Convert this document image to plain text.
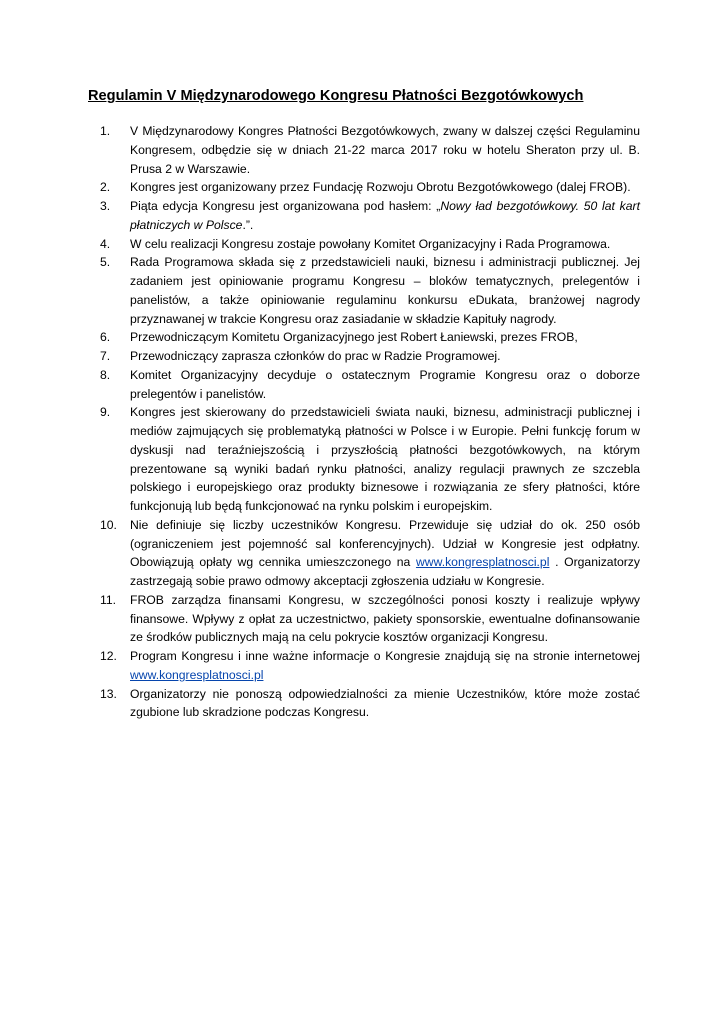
Regulamin V Międzynarodowego Kongresu Płatności Bezgotówkowych
1.	V Międzynarodowy Kongres Płatności Bezgotówkowych, zwany w dalszej części Regulaminu Kongresem, odbędzie się w dniach 21-22 marca 2017 roku w hotelu Sheraton przy ul. B. Prusa 2 w Warszawie.
2.	Kongres jest organizowany przez Fundację Rozwoju Obrotu Bezgotówkowego (dalej FROB).
3.	Piąta edycja Kongresu jest organizowana pod hasłem: „Nowy ład bezgotówkowy. 50 lat kart płatniczych w Polsce.”.
4.	W celu realizacji Kongresu zostaje powołany Komitet Organizacyjny i Rada Programowa.
5.	Rada Programowa składa się z przedstawicieli nauki, biznesu i administracji publicznej. Jej zadaniem jest opiniowanie programu Kongresu – bloków tematycznych, prelegentów i panelistów, a także opiniowanie regulaminu konkursu eDukata, branżowej nagrody przyznawanej w trakcie Kongresu oraz zasiadanie w składzie Kapituły nagrody.
6.	Przewodniczącym Komitetu Organizacyjnego jest Robert Łaniewski, prezes FROB,
7.	Przewodniczący zaprasza członków do prac w Radzie Programowej.
8.	Komitet Organizacyjny decyduje o ostatecznym Programie Kongresu oraz o doborze prelegentów i panelistów.
9.	Kongres jest skierowany do przedstawicieli świata nauki, biznesu, administracji publicznej i mediów zajmujących się problematyką płatności w Polsce i w Europie. Pełni funkcję forum w dyskusji nad teraźniejszością i przyszłością płatności bezgotówkowych, na którym prezentowane są wyniki badań rynku płatności, analizy regulacji prawnych ze szczebla polskiego i europejskiego oraz produkty biznesowe i rozwiązania ze sfery płatności, które funkcjonują lub będą funkcjonować na rynku polskim i europejskim.
10.	Nie definiuje się liczby uczestników Kongresu. Przewiduje się udział do ok. 250 osób (ograniczeniem jest pojemność sal konferencyjnych). Udział w Kongresie jest odpłatny. Obowiązują opłaty wg cennika umieszczonego na www.kongresplatnosci.pl . Organizatorzy zastrzegają sobie prawo odmowy akceptacji zgłoszenia udziału w Kongresie.
11.	FROB zarządza finansami Kongresu, w szczególności ponosi koszty i realizuje wpływy finansowe. Wpływy z opłat za uczestnictwo, pakiety sponsorskie, ewentualne dofinansowanie ze środków publicznych mają na celu pokrycie kosztów organizacji Kongresu.
12.	Program Kongresu i inne ważne informacje o Kongresie znajdują się na stronie internetowej www.kongresplatnosci.pl
13.	Organizatorzy nie ponoszą odpowiedzialności za mienie Uczestników, które może zostać zgubione lub skradzione podczas Kongresu.
